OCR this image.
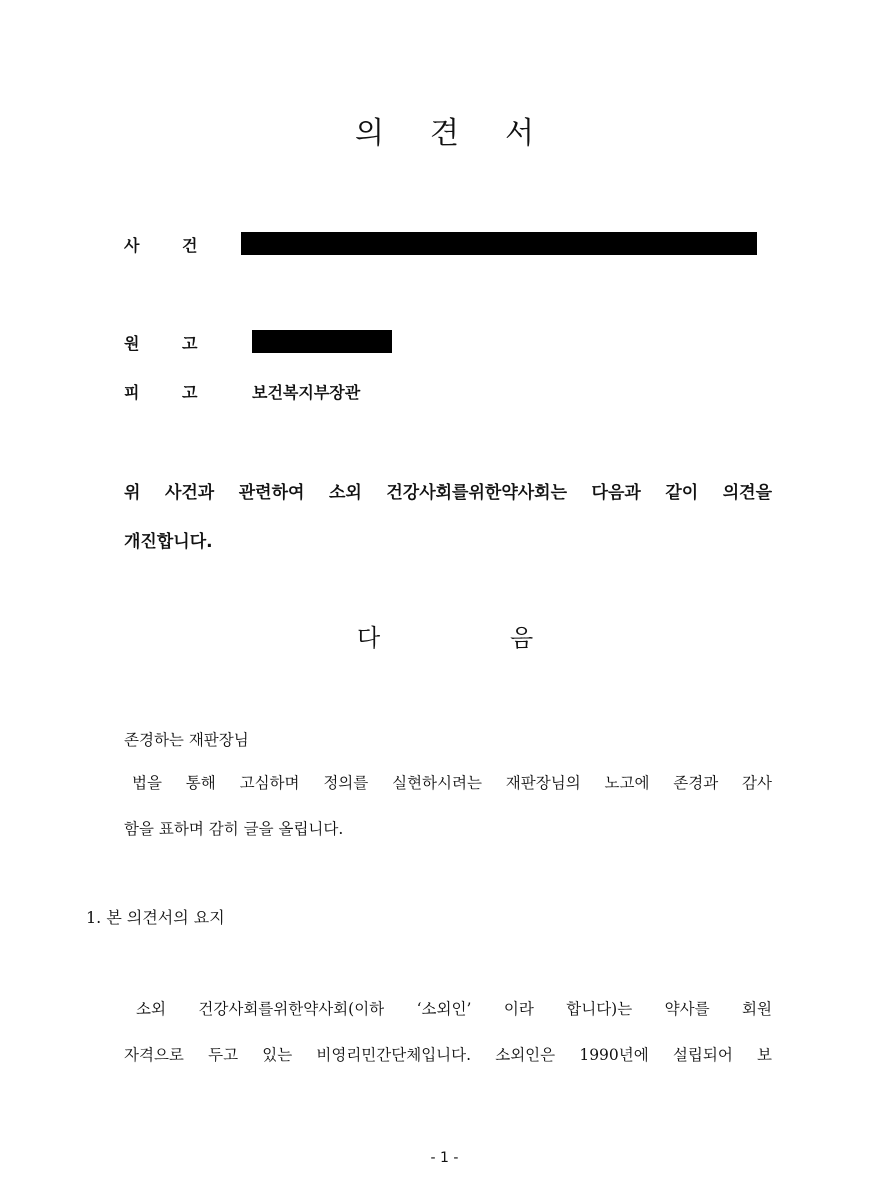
의 견 서
사	건
원	고
피	고	보건복지부장관
위 사건과 관련하여 소외 건강사회를위한약사회는 다음과 같이 의견을
개진합니다.
다	음
존경하는 재판장님
법을 통해 고심하며 정의를 실현하시려는 재판장님의 노고에 존경과 감사
함을 표하며 감히 글을 올립니다.
1. 본 의견서의 요지
소외 건강사회를위한약사회(이하 ‘소외인’ 이라 합니다)는 약사를 회원
자격으로 두고 있는 비영리민간단체입니다. 소외인은 1990년에 설립되어 보
- 1 -
